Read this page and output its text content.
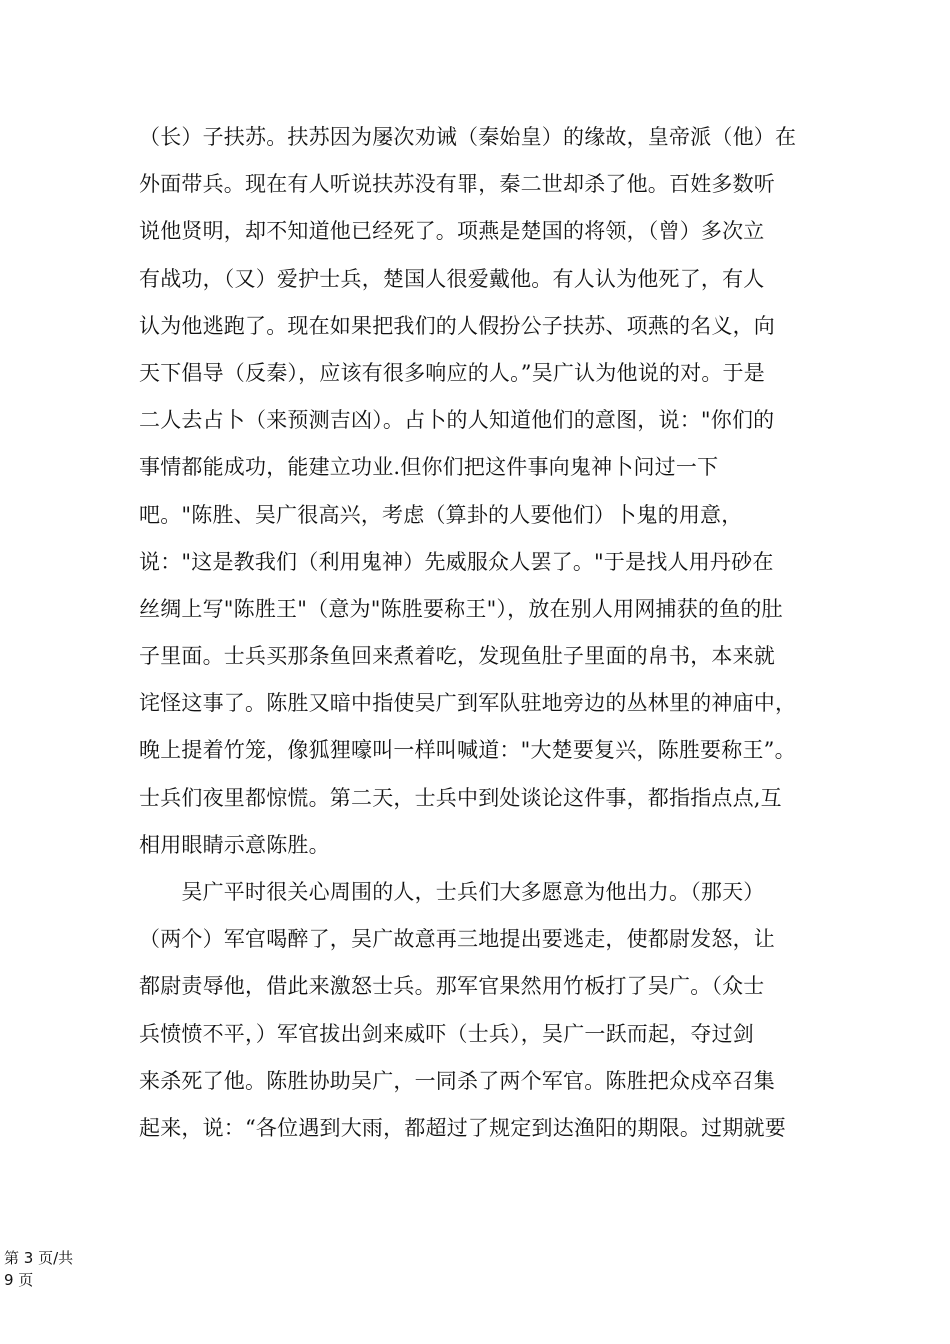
（长）子扶苏。扶苏因为屡次劝诫（秦始皇）的缘故，皇帝派（他）在
外面带兵。现在有人听说扶苏没有罪，秦二世却杀了他。百姓多数听
说他贤明，却不知道他已经死了。项燕是楚国的将领，（曾）多次立
有战功，（又）爱护士兵，楚国人很爱戴他。有人认为他死了，有人
认为他逃跑了。现在如果把我们的人假扮公子扶苏、项燕的名义，向
天下倡导（反秦），应该有很多响应的人。”吴广认为他说的对。于是
二人去占卜（来预测吉凶）。占卜的人知道他们的意图，说："你们的
事情都能成功，能建立功业.但你们把这件事向鬼神卜问过一下
吧。"陈胜、吴广很高兴，考虑（算卦的人要他们）卜鬼的用意，
说："这是教我们（利用鬼神）先威服众人罢了。"于是找人用丹砂在
丝绸上写"陈胜王"（意为"陈胜要称王"），放在别人用网捕获的鱼的肚
子里面。士兵买那条鱼回来煮着吃，发现鱼肚子里面的帛书，本来就
诧怪这事了。陈胜又暗中指使吴广到军队驻地旁边的丛林里的神庙中，
晚上提着竹笼，像狐狸嚎叫一样叫喊道："大楚要复兴，陈胜要称王”。
士兵们夜里都惊慌。第二天，士兵中到处谈论这件事，都指指点点,互
相用眼睛示意陈胜。
　　吴广平时很关心周围的人，士兵们大多愿意为他出力。（那天）
（两个）军官喝醉了，吴广故意再三地提出要逃走，使都尉发怒，让
都尉责辱他，借此来激怒士兵。那军官果然用竹板打了吴广。（众士
兵愤愤不平，）军官拔出剑来威吓（士兵），吴广一跃而起，夺过剑
来杀死了他。陈胜协助吴广，一同杀了两个军官。陈胜把众戍卒召集
起来，说：“各位遇到大雨，都超过了规定到达渔阳的期限。过期就要
第 3 页/共
9 页
